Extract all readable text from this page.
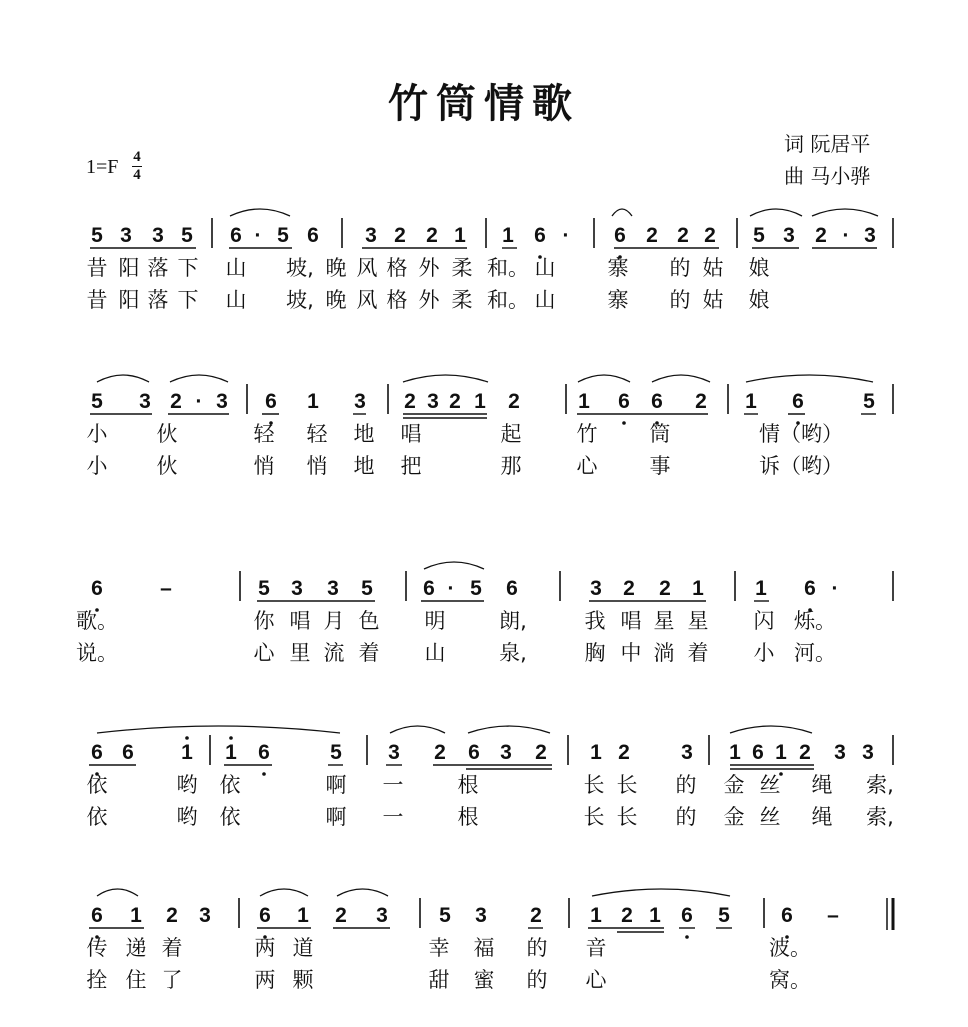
竹筒情歌
词 阮居平
曲 马小骅
1=F 4
4
5 3 3 5 6 · 5 6 3 2 2 1 1 6 · 6 2 2 2 5 3 2 · 3
昔 阳 落 下 山 坡, 晚 风 格 外 柔 和。 山 寨 的 姑 娘
昔 阳 落 下 山 坡, 晚 风 格 外 柔 和。 山 寨 的 姑 娘
5 3 2 · 3 6 1 3 2 3 2 1 2	1 6 6 2 1 6	5
小 伙	轻 轻 地 唱	起	竹 筒	情（哟）
小 伙	悄 悄 地 把	那	心 事	诉（哟）
6	–	5 3 3 5 6 · 5 6	3 2 2 1 1 6 ·
歌。	你 唱 月 色 明	朗,	我 唱 星 星 闪 烁。
说。	心 里 流 着 山	泉,	胸 中 淌 着 小 河。
6 6 1 1 6	5 3 2 6 3 2 1 2 3 1 6 1 2 3 3
依	哟 依	啊 一	根	长 长 的 金 丝 绳 索,
依	哟 依	啊 一	根	长 长 的 金 丝 绳 索,
6 1 2 3 6 1 2 3 5 3 2 1 2 1 6 5 6 –
传 递 着	两 道	幸 福 的 音	波。
拴 住 了	两 颗	甜 蜜 的 心	窝。
